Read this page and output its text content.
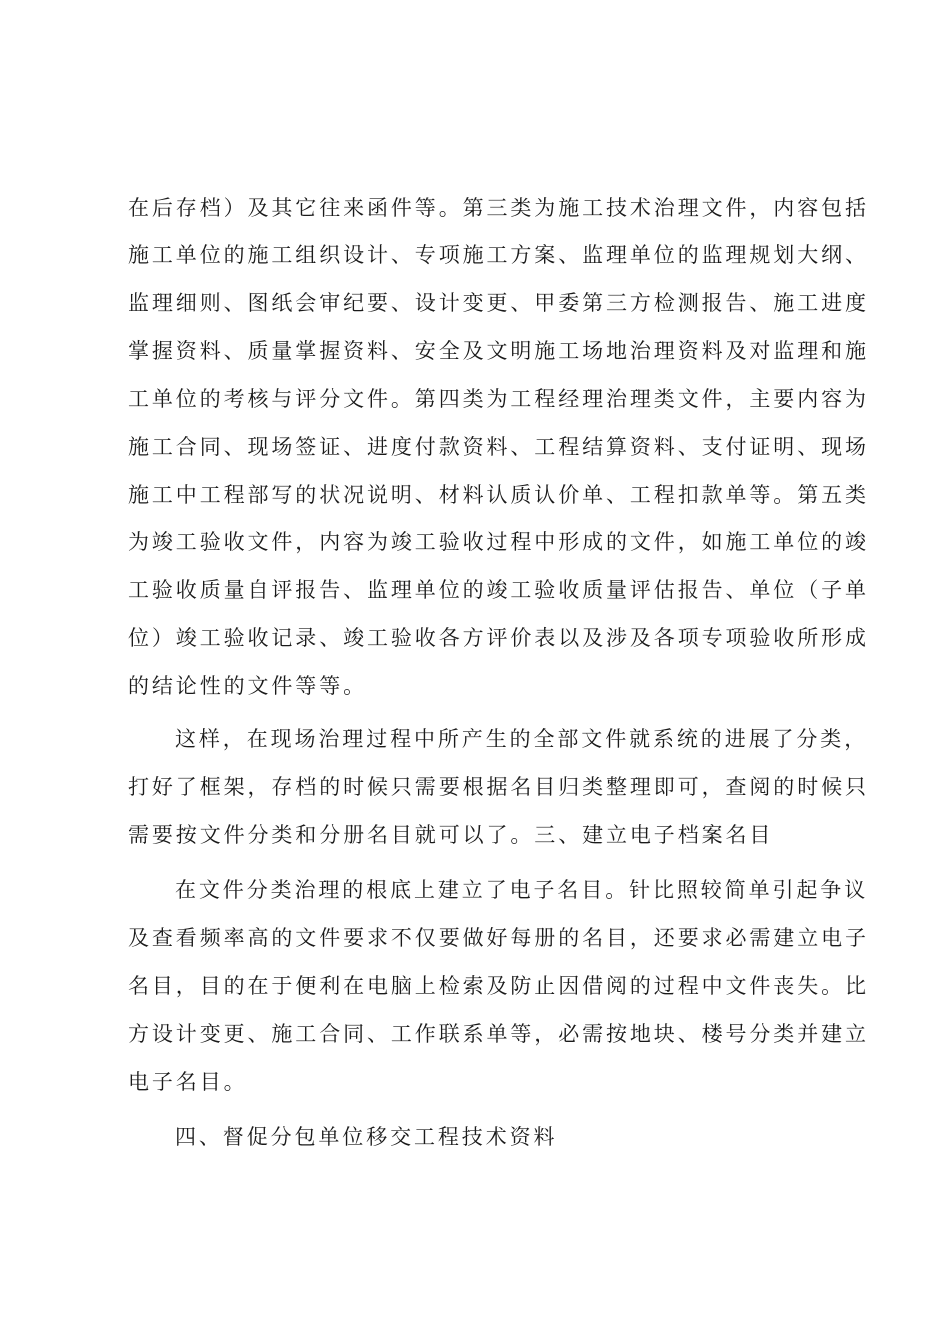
在后存档）及其它往来函件等。第三类为施工技术治理文件，内容包括
施工单位的施工组织设计、专项施工方案、监理单位的监理规划大纲、
监理细则、图纸会审纪要、设计变更、甲委第三方检测报告、施工进度
掌握资料、质量掌握资料、安全及文明施工场地治理资料及对监理和施
工单位的考核与评分文件。第四类为工程经理治理类文件，主要内容为
施工合同、现场签证、进度付款资料、工程结算资料、支付证明、现场
施工中工程部写的状况说明、材料认质认价单、工程扣款单等。第五类
为竣工验收文件，内容为竣工验收过程中形成的文件，如施工单位的竣
工验收质量自评报告、监理单位的竣工验收质量评估报告、单位（子单
位）竣工验收记录、竣工验收各方评价表以及涉及各项专项验收所形成
的结论性的文件等等。
这样，在现场治理过程中所产生的全部文件就系统的进展了分类，
打好了框架，存档的时候只需要根据名目归类整理即可，查阅的时候只
需要按文件分类和分册名目就可以了。三、建立电子档案名目
在文件分类治理的根底上建立了电子名目。针比照较简单引起争议
及查看频率高的文件要求不仅要做好每册的名目，还要求必需建立电子
名目，目的在于便利在电脑上检索及防止因借阅的过程中文件丧失。比
方设计变更、施工合同、工作联系单等，必需按地块、楼号分类并建立
电子名目。
四、督促分包单位移交工程技术资料
